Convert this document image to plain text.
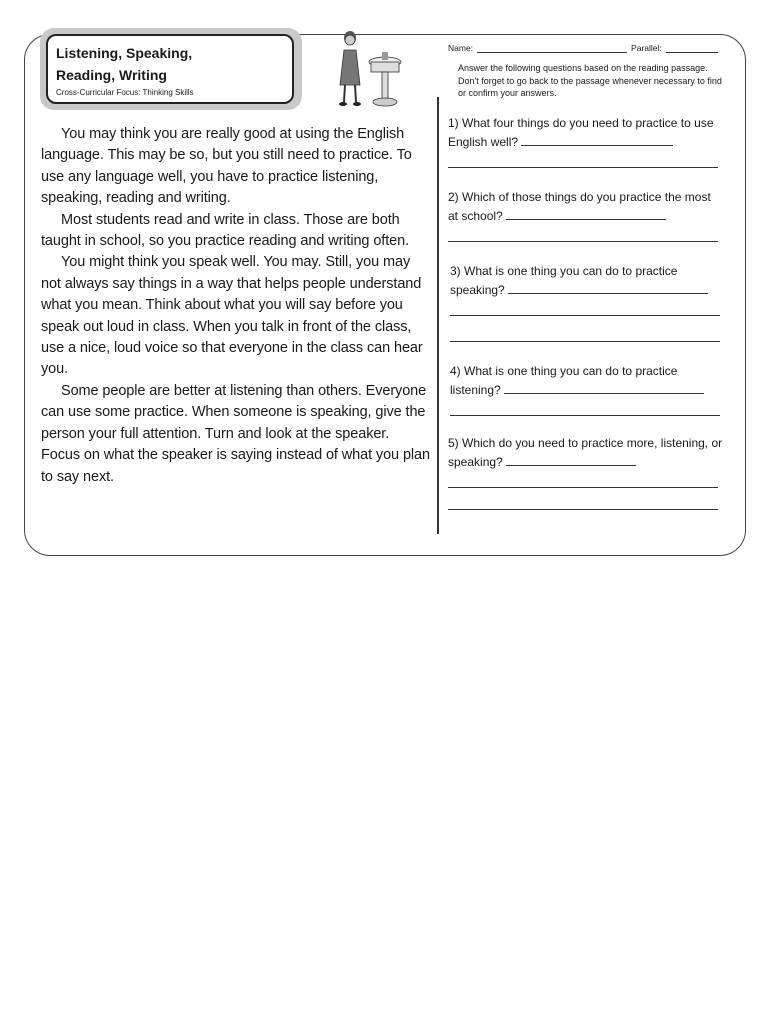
Listening, Speaking,
Reading, Writing
Cross-Curricular Focus: Thinking Skills

You may think you are really good at using the English language. This may be so, but you still need to practice. To use any language well, you have to practice listening, speaking, reading and writing.

Most students read and write in class. Those are both taught in school, so you practice reading and writing often.

You might think you speak well. You may. Still, you may not always say things in a way that helps people understand what you mean. Think about what you will say before you speak out loud in class. When you talk in front of the class, use a nice, loud voice so that everyone in the class can hear you.

Some people are better at listening than others. Everyone can use some practice. When someone is speaking, give the person your full attention. Turn and look at the speaker. Focus on what the speaker is saying instead of what you plan to say next.

Name:	Parallel:
Answer the following questions based on the reading passage. Don't forget to go back to the passage whenever necessary to find or confirm your answers.

1) What four things do you need to practice to use English well?

2) Which of those things do you practice the most at school?

3) What is one thing you can do to practice speaking?

4) What is one thing you can do to practice listening?

5) Which do you need to practice more, listening, or speaking?
